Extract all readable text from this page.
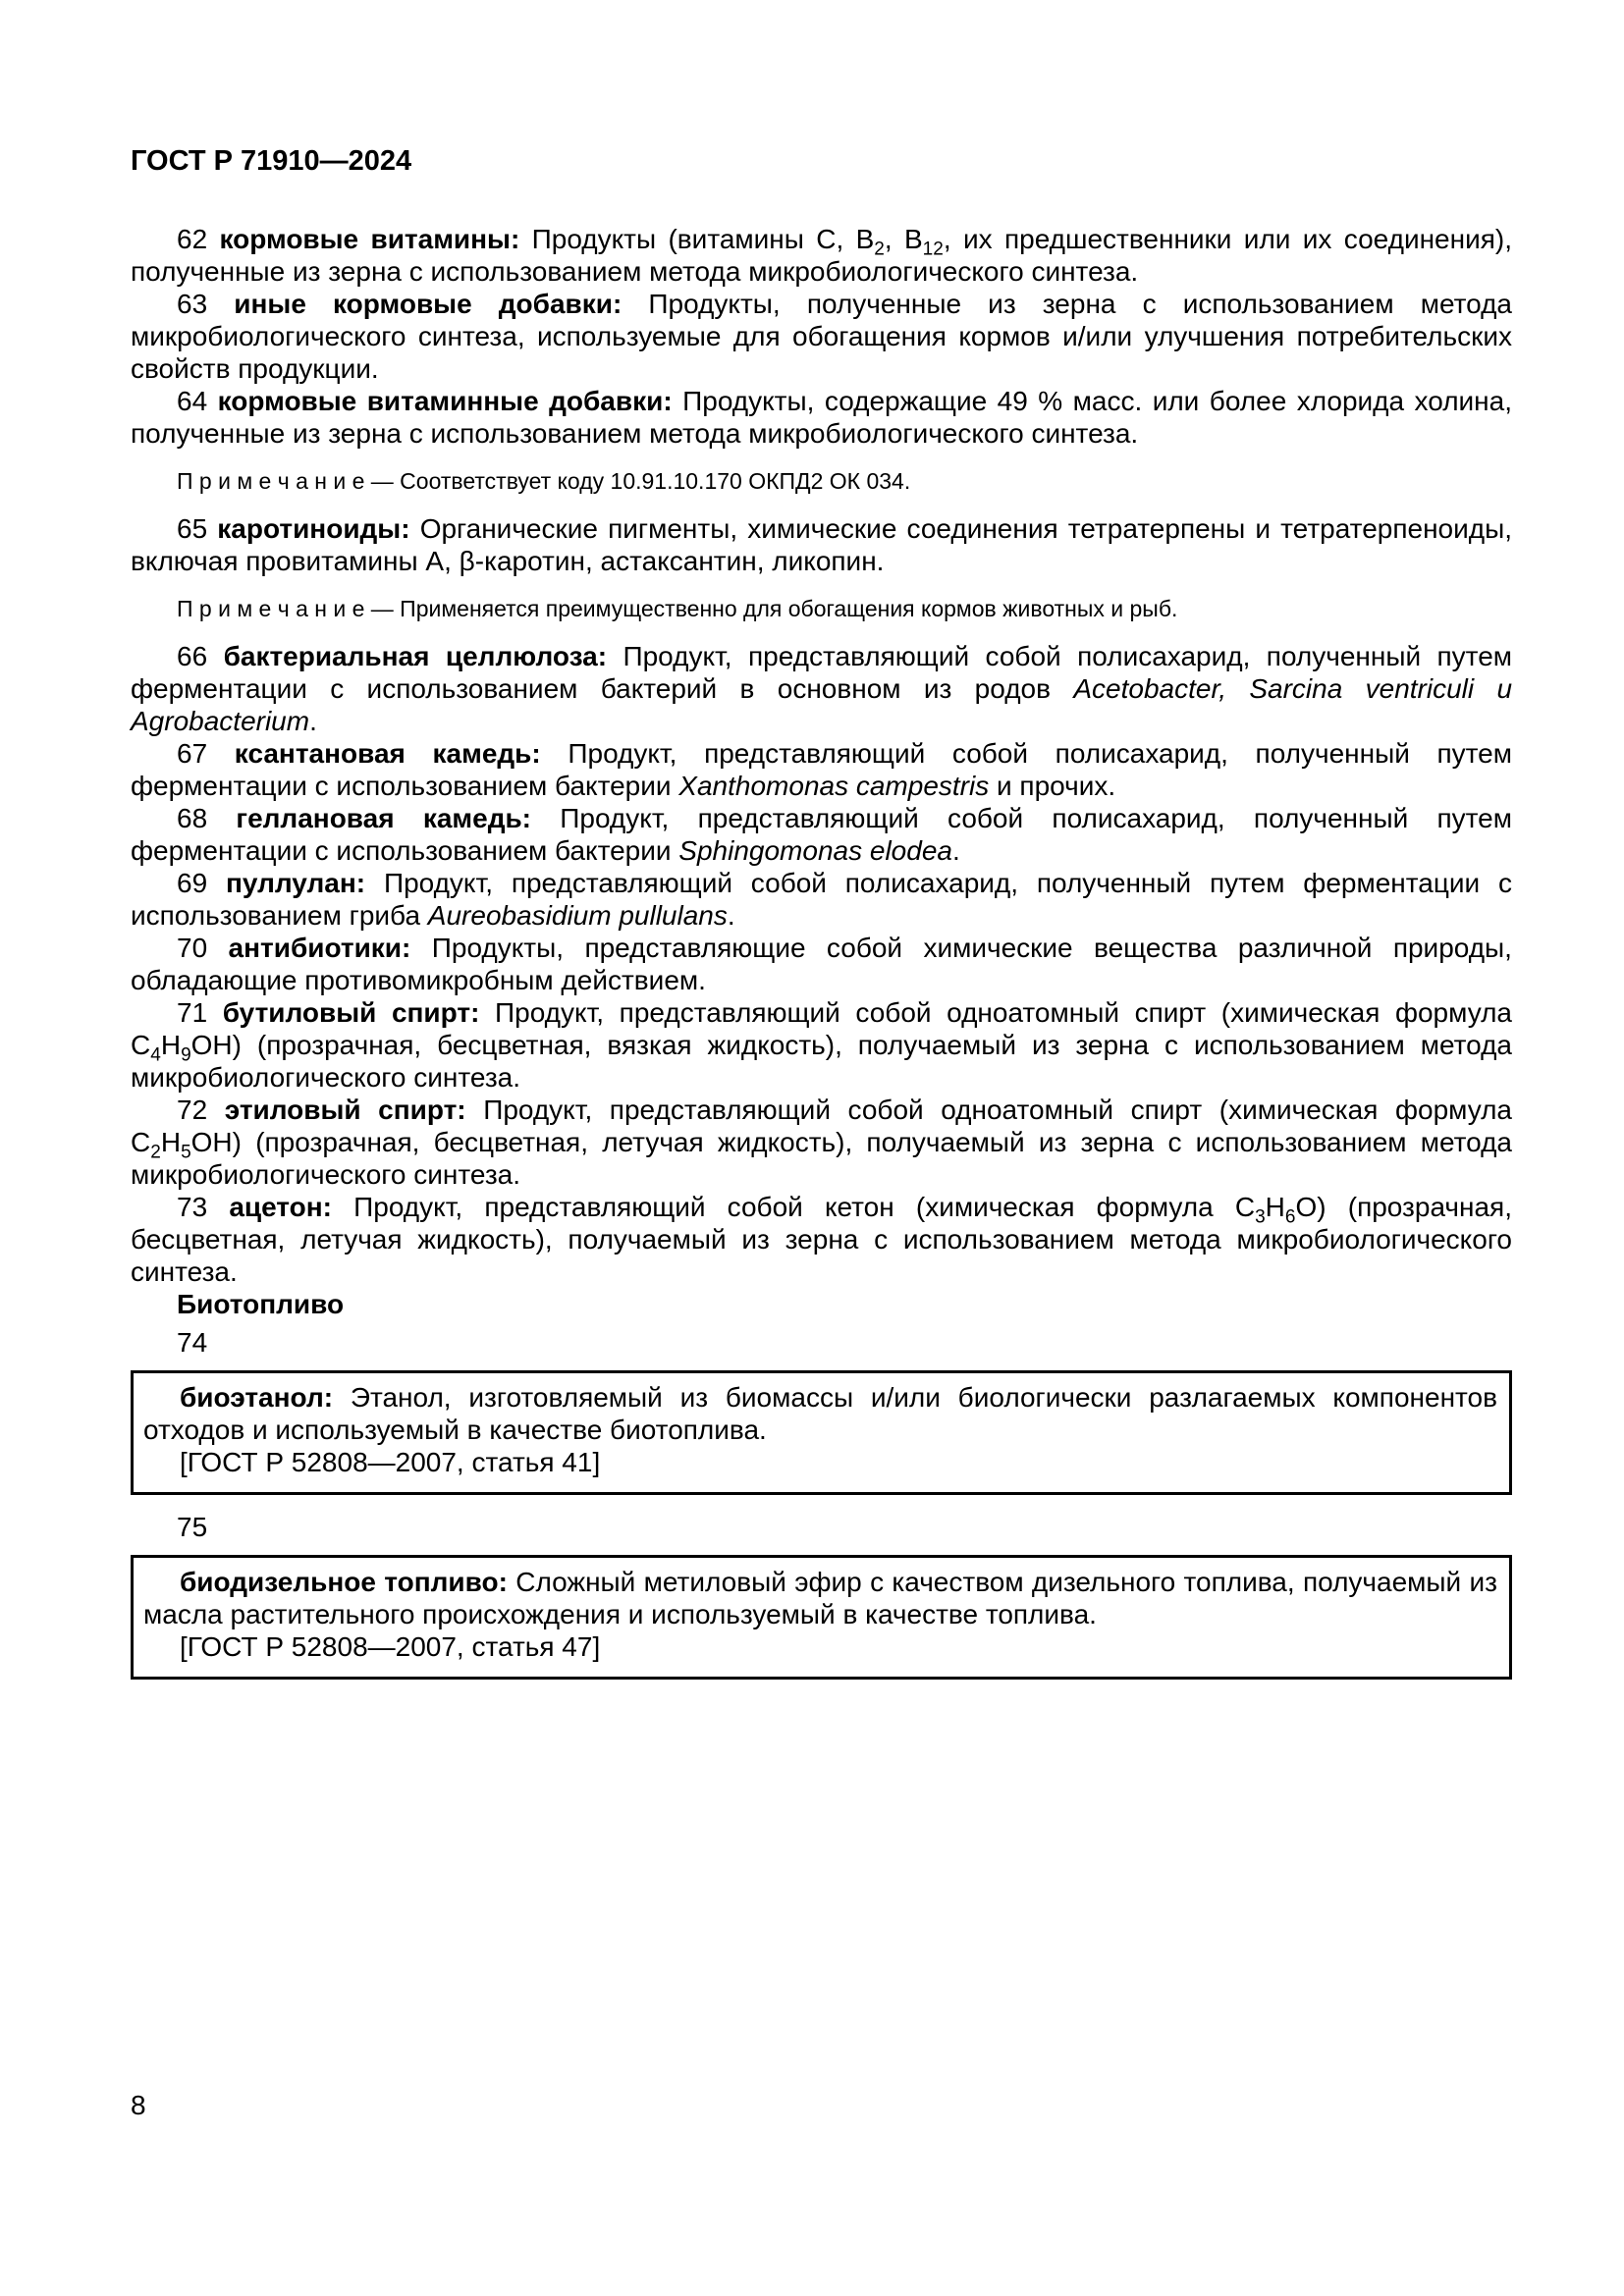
ГОСТ Р 71910—2024

62 кормовые витамины: Продукты (витамины С, $В_2$, $В_{12}$, их предшественники или их соединения), полученные из зерна с использованием метода микробиологического синтеза.

63 иные кормовые добавки: Продукты, полученные из зерна с использованием метода микробиологического синтеза, используемые для обогащения кормов и/или улучшения потребительских свойств продукции.

64 кормовые витаминные добавки: Продукты, содержащие 49 % масс. или более хлорида холина, полученные из зерна с использованием метода микробиологического синтеза.

П р и м е ч а н и е — Соответствует коду 10.91.10.170 ОКПД2 ОК 034.

65 каротиноиды: Органические пигменты, химические соединения тетратерпены и тетратерпеноиды, включая провитамины А, β-каротин, астаксантин, ликопин.

П р и м е ч а н и е — Применяется преимущественно для обогащения кормов животных и рыб.

66 бактериальная целлюлоза: Продукт, представляющий собой полисахарид, полученный путем ферментации с использованием бактерий в основном из родов Acetobacter, Sarcina ventriculi и Agrobacterium.

67 ксантановая камедь: Продукт, представляющий собой полисахарид, полученный путем ферментации с использованием бактерии Xanthomonas campestris и прочих.

68 геллановая камедь: Продукт, представляющий собой полисахарид, полученный путем ферментации с использованием бактерии Sphingomonas elodea.

69 пуллулан: Продукт, представляющий собой полисахарид, полученный путем ферментации с использованием гриба Aureobasidium pullulans.

70 антибиотики: Продукты, представляющие собой химические вещества различной природы, обладающие противомикробным действием.

71 бутиловый спирт: Продукт, представляющий собой одноатомный спирт (химическая формула $С_4Н_9ОН$) (прозрачная, бесцветная, вязкая жидкость), получаемый из зерна с использованием метода микробиологического синтеза.

72 этиловый спирт: Продукт, представляющий собой одноатомный спирт (химическая формула $С_2Н_5ОН$) (прозрачная, бесцветная, летучая жидкость), получаемый из зерна с использованием метода микробиологического синтеза.

73 ацетон: Продукт, представляющий собой кетон (химическая формула $С_3Н_6О$) (прозрачная, бесцветная, летучая жидкость), получаемый из зерна с использованием метода микробиологического синтеза.

Биотопливо

74

биоэтанол: Этанол, изготовляемый из биомассы и/или биологически разлагаемых компонентов отходов и используемый в качестве биотоплива.

[ГОСТ Р 52808—2007, статья 41]

75

биодизельное топливо: Сложный метиловый эфир с качеством дизельного топлива, получаемый из масла растительного происхождения и используемый в качестве топлива.

[ГОСТ Р 52808—2007, статья 47]

8
